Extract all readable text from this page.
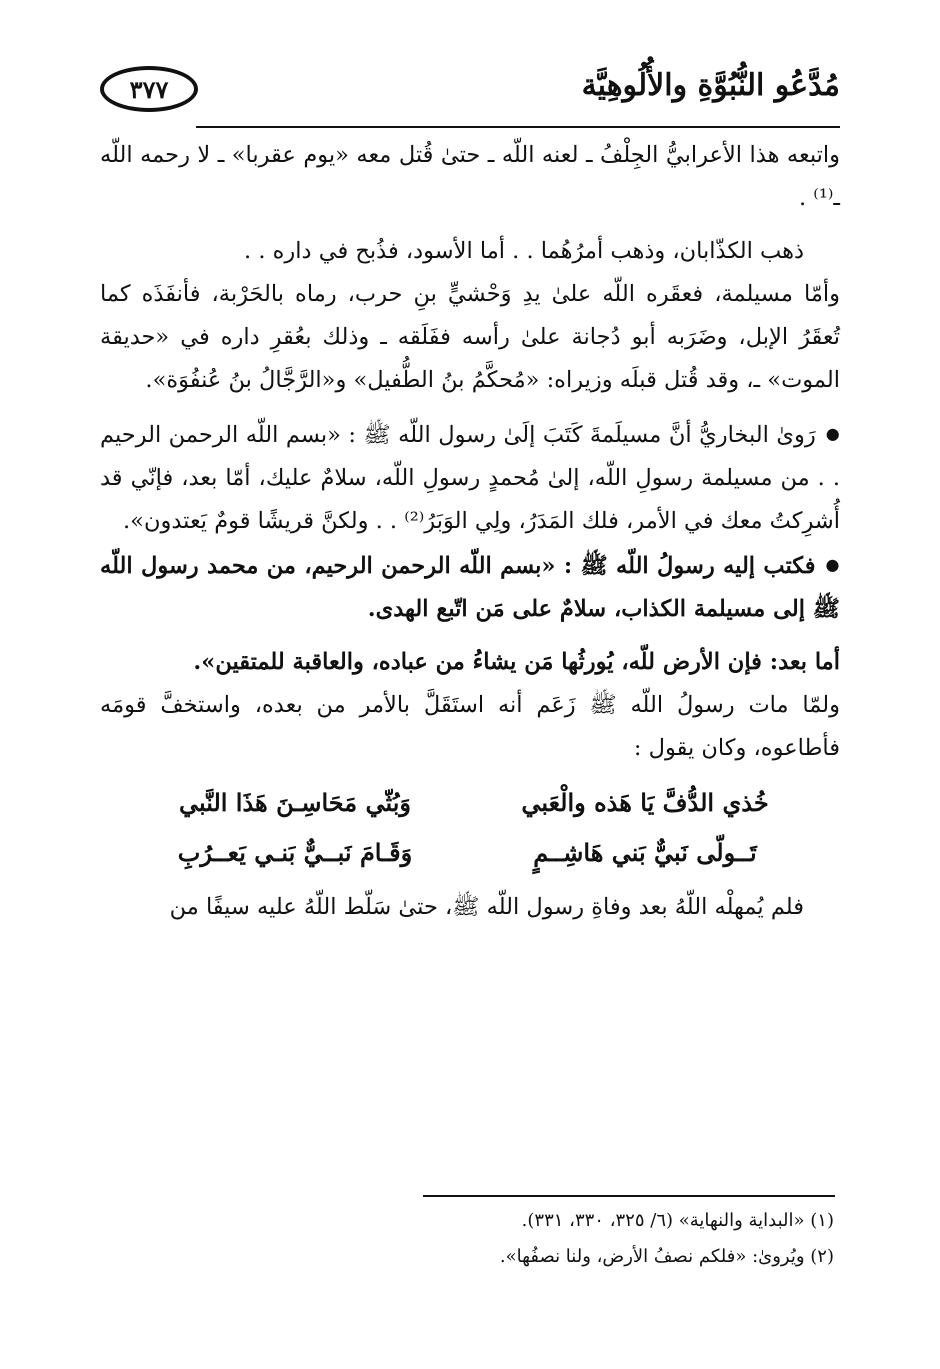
مُدَّعُو النُّبُوَّةِ والأُلُوهِيَّة
٣٧٧

واتبعه هذا الأعرابيُّ الجِلْفُ ـ لعنه اللّه ـ حتىٰ قُتل معه «يوم عقربا» ـ لا رحمه اللّه ـ⁽¹⁾ .

ذهب الكذّابان، وذهب أمرُهُما . . أما الأسود، فذُبح في داره . .

وأمّا مسيلمة، فعقَره اللّه علىٰ يدِ وَحْشيٍّ بنِ حرب، رماه بالحَرْبة، فأنفَذَه كما تُعقَرُ الإبل، وضَرَبه أبو دُجانة علىٰ رأسه ففَلَقه ـ وذلك بعُقرِ داره في «حديقة الموت» ـ، وقد قُتل قبلَه وزيراه: «مُحكَّمُ بنُ الطُّفيل» و«الرَّجَّالُ بنُ عُنفُوَة».

● رَوىٰ البخاريُّ أنَّ مسيلَمةَ كَتَبَ إلَىٰ رسول اللّه ﷺ : «بسم اللّه الرحمن الرحيم . . من مسيلمة رسولِ اللّه، إلىٰ مُحمدٍ رسولِ اللّه، سلامٌ عليك، أمّا بعد، فإنّي قد أُشرِكتُ معك في الأمر، فلك المَدَرُ، ولِي الوَبَرُ⁽²⁾ . . ولكنَّ قريشًا قومٌ يَعتدون».

● فكتب إليه رسولُ اللّه ﷺ : «بسم اللّه الرحمن الرحيم، من محمد رسول اللّه ﷺ إلى مسيلمة الكذاب، سلامٌ على مَن اتّبع الهدى.

أما بعد: فإن الأرض للّه، يُورثُها مَن يشاءُ من عباده، والعاقبة للمتقين».

ولمّا مات رسولُ اللّه ﷺ زَعَم أنه استَقَلَّ بالأمر من بعده، واستخفَّ قومَه فأطاعوه، وكان يقول :

خُذي الدُّفَّ يَا هَذه والْعَبي
وَبُثّي مَحَاسِـنَ هَذَا النَّبي
تَــولّى نَبيٌّ بَني هَاشِــمٍ
وَقَـامَ نَبــيٌّ بَنـي يَعــرُبِ

فلم يُمهلْه اللّهُ بعد وفاةِ رسول اللّه ﷺ، حتىٰ سَلّط اللّهُ عليه سيفًا من

(١) «البداية والنهاية» (٦/ ٣٢٥، ٣٣٠، ٣٣١).

(٢) ويُروىٰ: «فلكم نصفُ الأرض، ولنا نصفُها».
